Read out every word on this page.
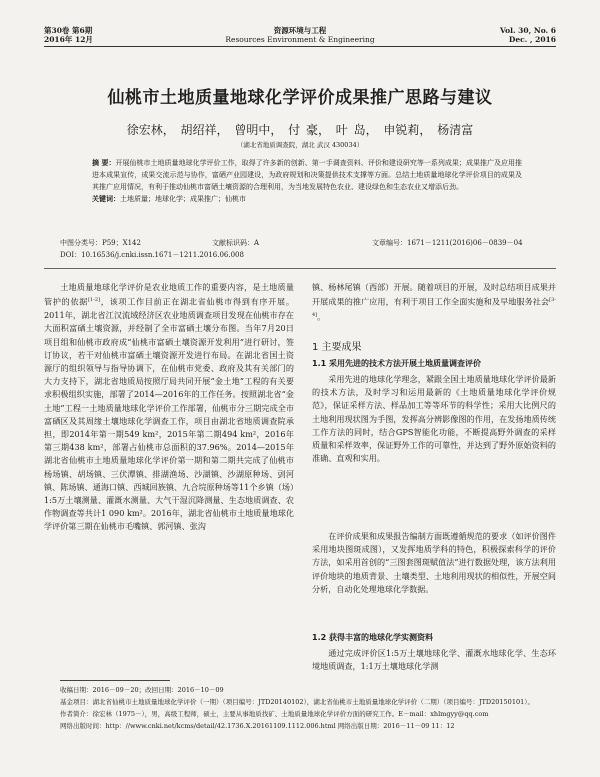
第30卷 第6期
2016年 12月
资源环境与工程
Resources Environment & Engineering
Vol. 30, No. 6
Dec. , 2016
仙桃市土地质量地球化学评价成果推广思路与建议
徐宏林， 胡绍祥， 曾明中， 付 豪， 叶 岛， 申锐莉， 杨清富
（湖北省地质调查院，湖北 武汉 430034）
摘 要：开展仙桃市土地质量地球化学评价工作，取得了许多新的创新、第一手调查资料、评价和建设研究等一系列成果；成果推广及应用推进本成果宣传，成果交流示范与协作，富硒产业园建设，为政府规划和决策提供技术支撑等方面。总结土地质量地球化学评价项目的成果及其推广应用情况，有利于推动仙桃市富硒土壤资源的合理利用，为当地发展特色农业、建设绿色和生态农业又增添后劲。
关键词：土地质量；地球化学；成果推广；仙桃市
中图分类号：P59；X142	文献标识码：A	文章编号：1671－1211(2016)06－0839－04
DOI：10.16536/j.cnki.issn.1671－1211.2016.06.008

土地质量地球化学评价是农业地质工作的重要内容，是土地质量管护的依据[1-2]，该项工作目前正在湖北省仙桃市得到有序开展。2011年，湖北省江汉流域经济区农业地质调查项目发现在仙桃市存在大面积富硒土壤资源，并经制了全市富硒土壤分布图。当年7月20日项目组和仙桃市政府成“仙桃市富硒土壤资源开发利用”进行研讨，签订协议，若干对仙桃市富硒土壤资源开发进行布局。在湖北省国土资源厅的组织领导与指导协调下，在仙桃市党委、政府及其有关部门的大力支持下，湖北省地质局按照厅局共同开展“金土地”工程的有关要求积极组织实施，部署了2014—2016年的工作任务。按照湖北省“金土地”工程一土地质量地球化学评价工作部署，仙桃市分三期完成全市富硒区及其周缘土壤地球化学调查工作，项目由湖北省地质调查院承担，即2014年第一期549 km²，2015年第二期494 km²，2016年第三期438 km²，部署占仙桃市总面积的37.96%。2014—2015年湖北省仙桃市土地质量地球化学评价第一期和第二期共完成了仙桃市杨场镇、胡场镇、三伏潭镇、排湖渔场、沙湖镇、沙湖原种场、剅河镇、陈场镇、通海口镇、西城回族镇、九合垸原种场等11个乡镇（场）1:5万土壤测量、灌溉水测量、大气干湿沉降测量、生态地质调查、农作物调查等共计1 090 km²。2016年，湖北省仙桃市土地质量地球化学评价第三期在仙桃市毛嘴镇、郭河镇、张沟

镇、杨林尾镇（西部）开展。随着项目的开展，及时总结项目成果并开展成果的推广应用，有利于项目工作全面实施和及早地服务社会[3-4]。

1 主要成果
1.1 采用先进的技术方法开展土地质量调查评价

采用先进的地球化学理念，紧跟全国土地质量地球化学评价最新的技术方法，及时学习和运用最新的《土地质量地球化学评价规范》，保证采样方法、样品加工等等环节的科学性；采用大比例尺的土地利用现状图为手图，发挥高分辨影像图的作用，在发扬地质传统工作方法的同时，结合GPS智能化功能，不断提高野外调查的采样质量和采样效率，保证野外工作的可靠性，并达到了野外原始资料的准确、直观和实用。

在评价成果和成果报告编制方面既遵循规范的要求（如评价图件采用地块图斑成图），又发挥地质学科的特色，积极探索科学的评价方法，如采用首创的“三图套图斑赋值法”进行数据处理，该方法利用评价地块的地质背景、土壤类型、土地利用现状的相似性，开展空间分析，自动化处理地球化学数据。

1.2 获得丰富的地球化学实测资料

通过完成评价区1:5万土壤地球化学、灌溉水地球化学、生态环境地质调查，1:1万土壤地球化学测

收稿日期：2016－09－20；改回日期：2016－10－09
基金项目：湖北省仙桃市土地质量地球化学评价（一期）（项目编号：JTD20140102），湖北省仙桃市土地质量地球化学评价（二期）（项目编号：JTD20150101）。
作者简介：徐宏林（1975－），男，高级工程师，硕士，主要从事地质找矿、土地质量地球化学评价方面的研究工作。E－mail：xhlmgyy@qq.com
网络出版时间：http：//www.cnki.net/kcms/detail/42.1736.X.20161109.1112.006.html 网络出版日期：2016－11－09 11：12
